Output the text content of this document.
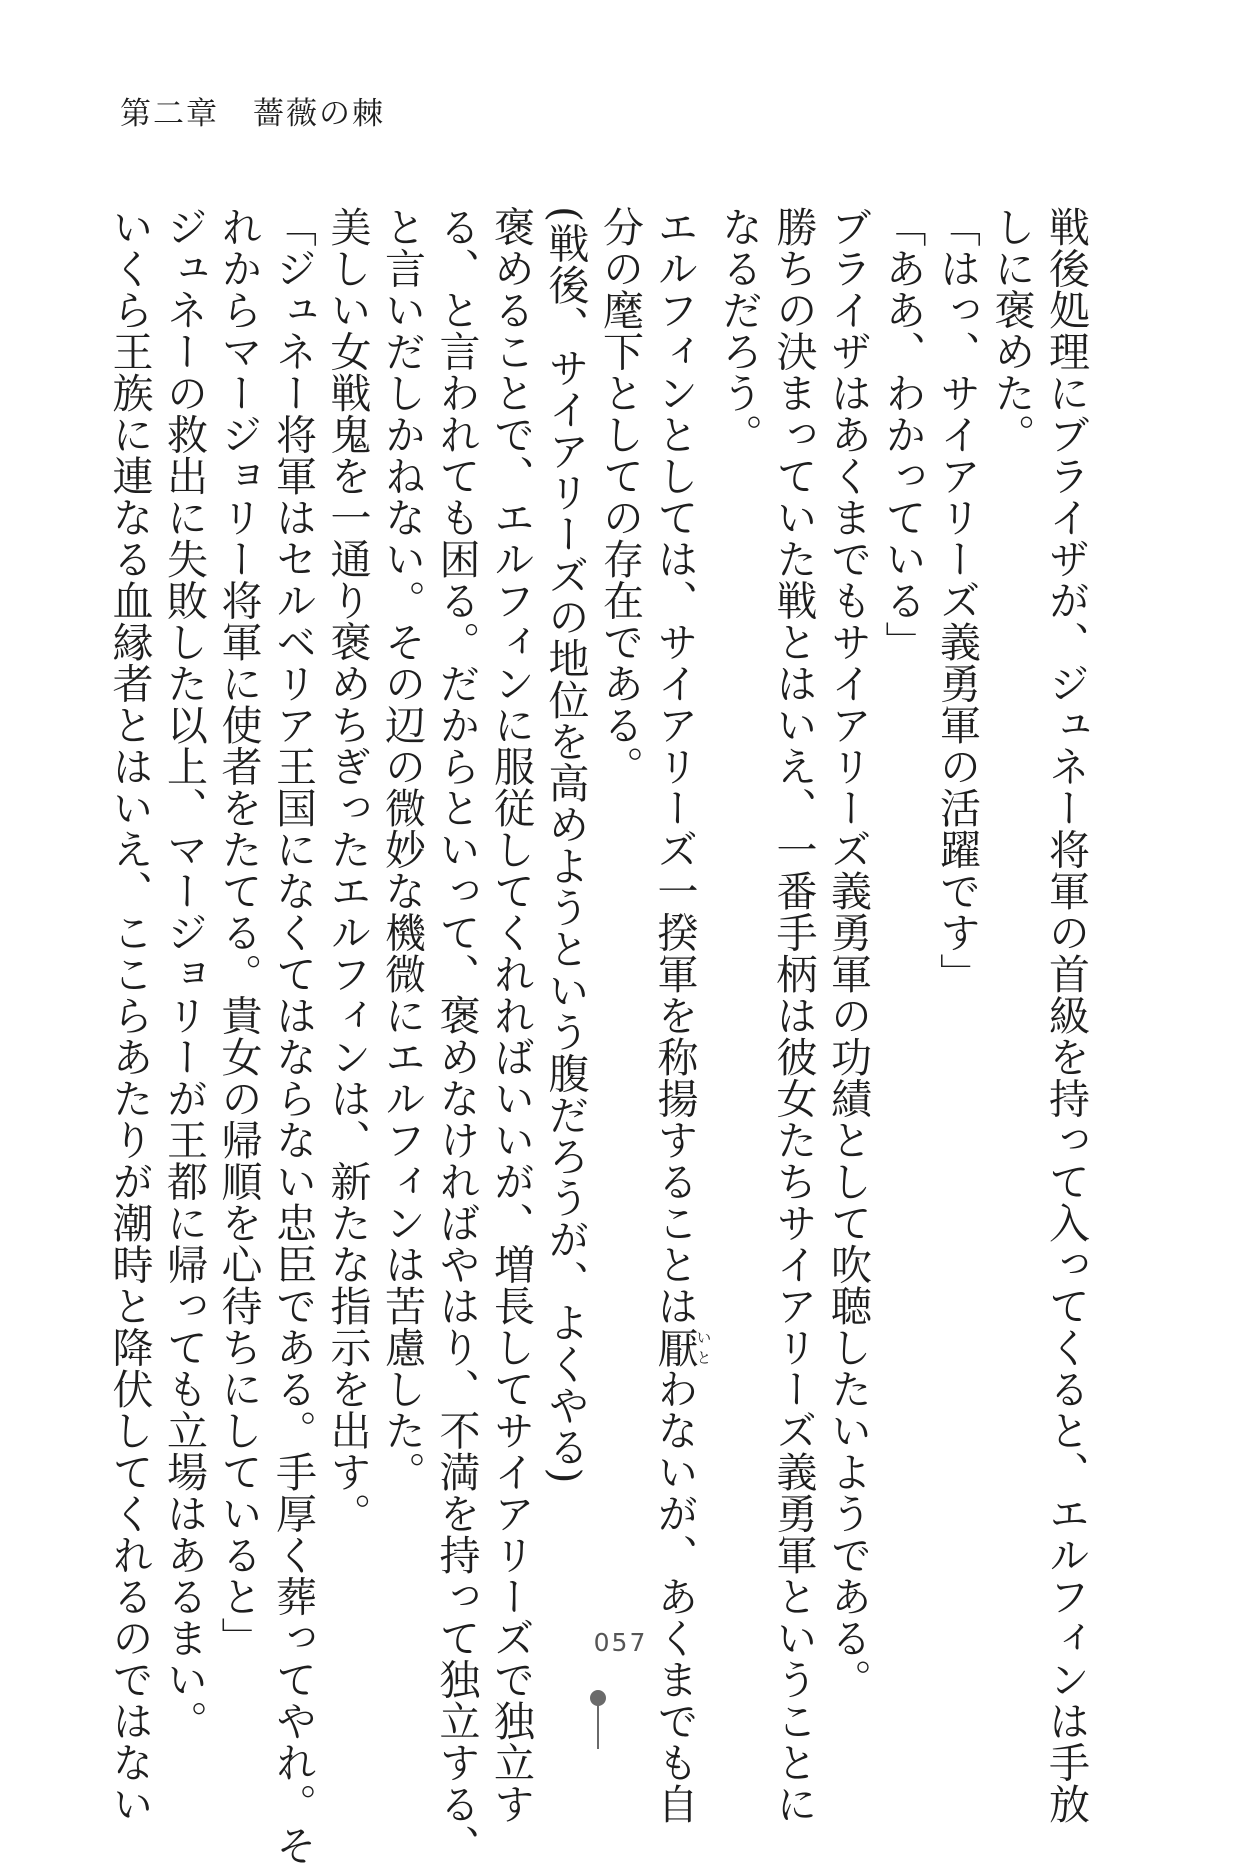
第二章 薔薇の棘
戦後処理にブライザが、ジュネー将軍の首級を持って入ってくると、エルフィンは手放
しに褒めた。
「はっ、サイアリーズ義勇軍の活躍です」
「ああ、わかっている」
ブライザはあくまでもサイアリーズ義勇軍の功績として吹聴したいようである。
勝ちの決まっていた戦とはいえ、一番手柄は彼女たちサイアリーズ義勇軍ということに
なるだろう。
エルフィンとしては、サイアリーズ一揆軍を称揚することは厭いとわないが、あくまでも自
分の麾下としての存在である。
(戦後、サイアリーズの地位を高めようという腹だろうが、よくやる)
褒めることで、エルフィンに服従してくれればいいが、増長してサイアリーズで独立す
る、と言われても困る。だからといって、褒めなければやはり、不満を持って独立する、
と言いだしかねない。その辺の微妙な機微にエルフィンは苦慮した。
美しい女戦鬼を一通り褒めちぎったエルフィンは、新たな指示を出す。
「ジュネー将軍はセルベリア王国になくてはならない忠臣である。手厚く葬ってやれ。そ
れからマージョリー将軍に使者をたてる。貴女の帰順を心待ちにしていると」
ジュネーの救出に失敗した以上、マージョリーが王都に帰っても立場はあるまい。
いくら王族に連なる血縁者とはいえ、ここらあたりが潮時と降伏してくれるのではない	057
